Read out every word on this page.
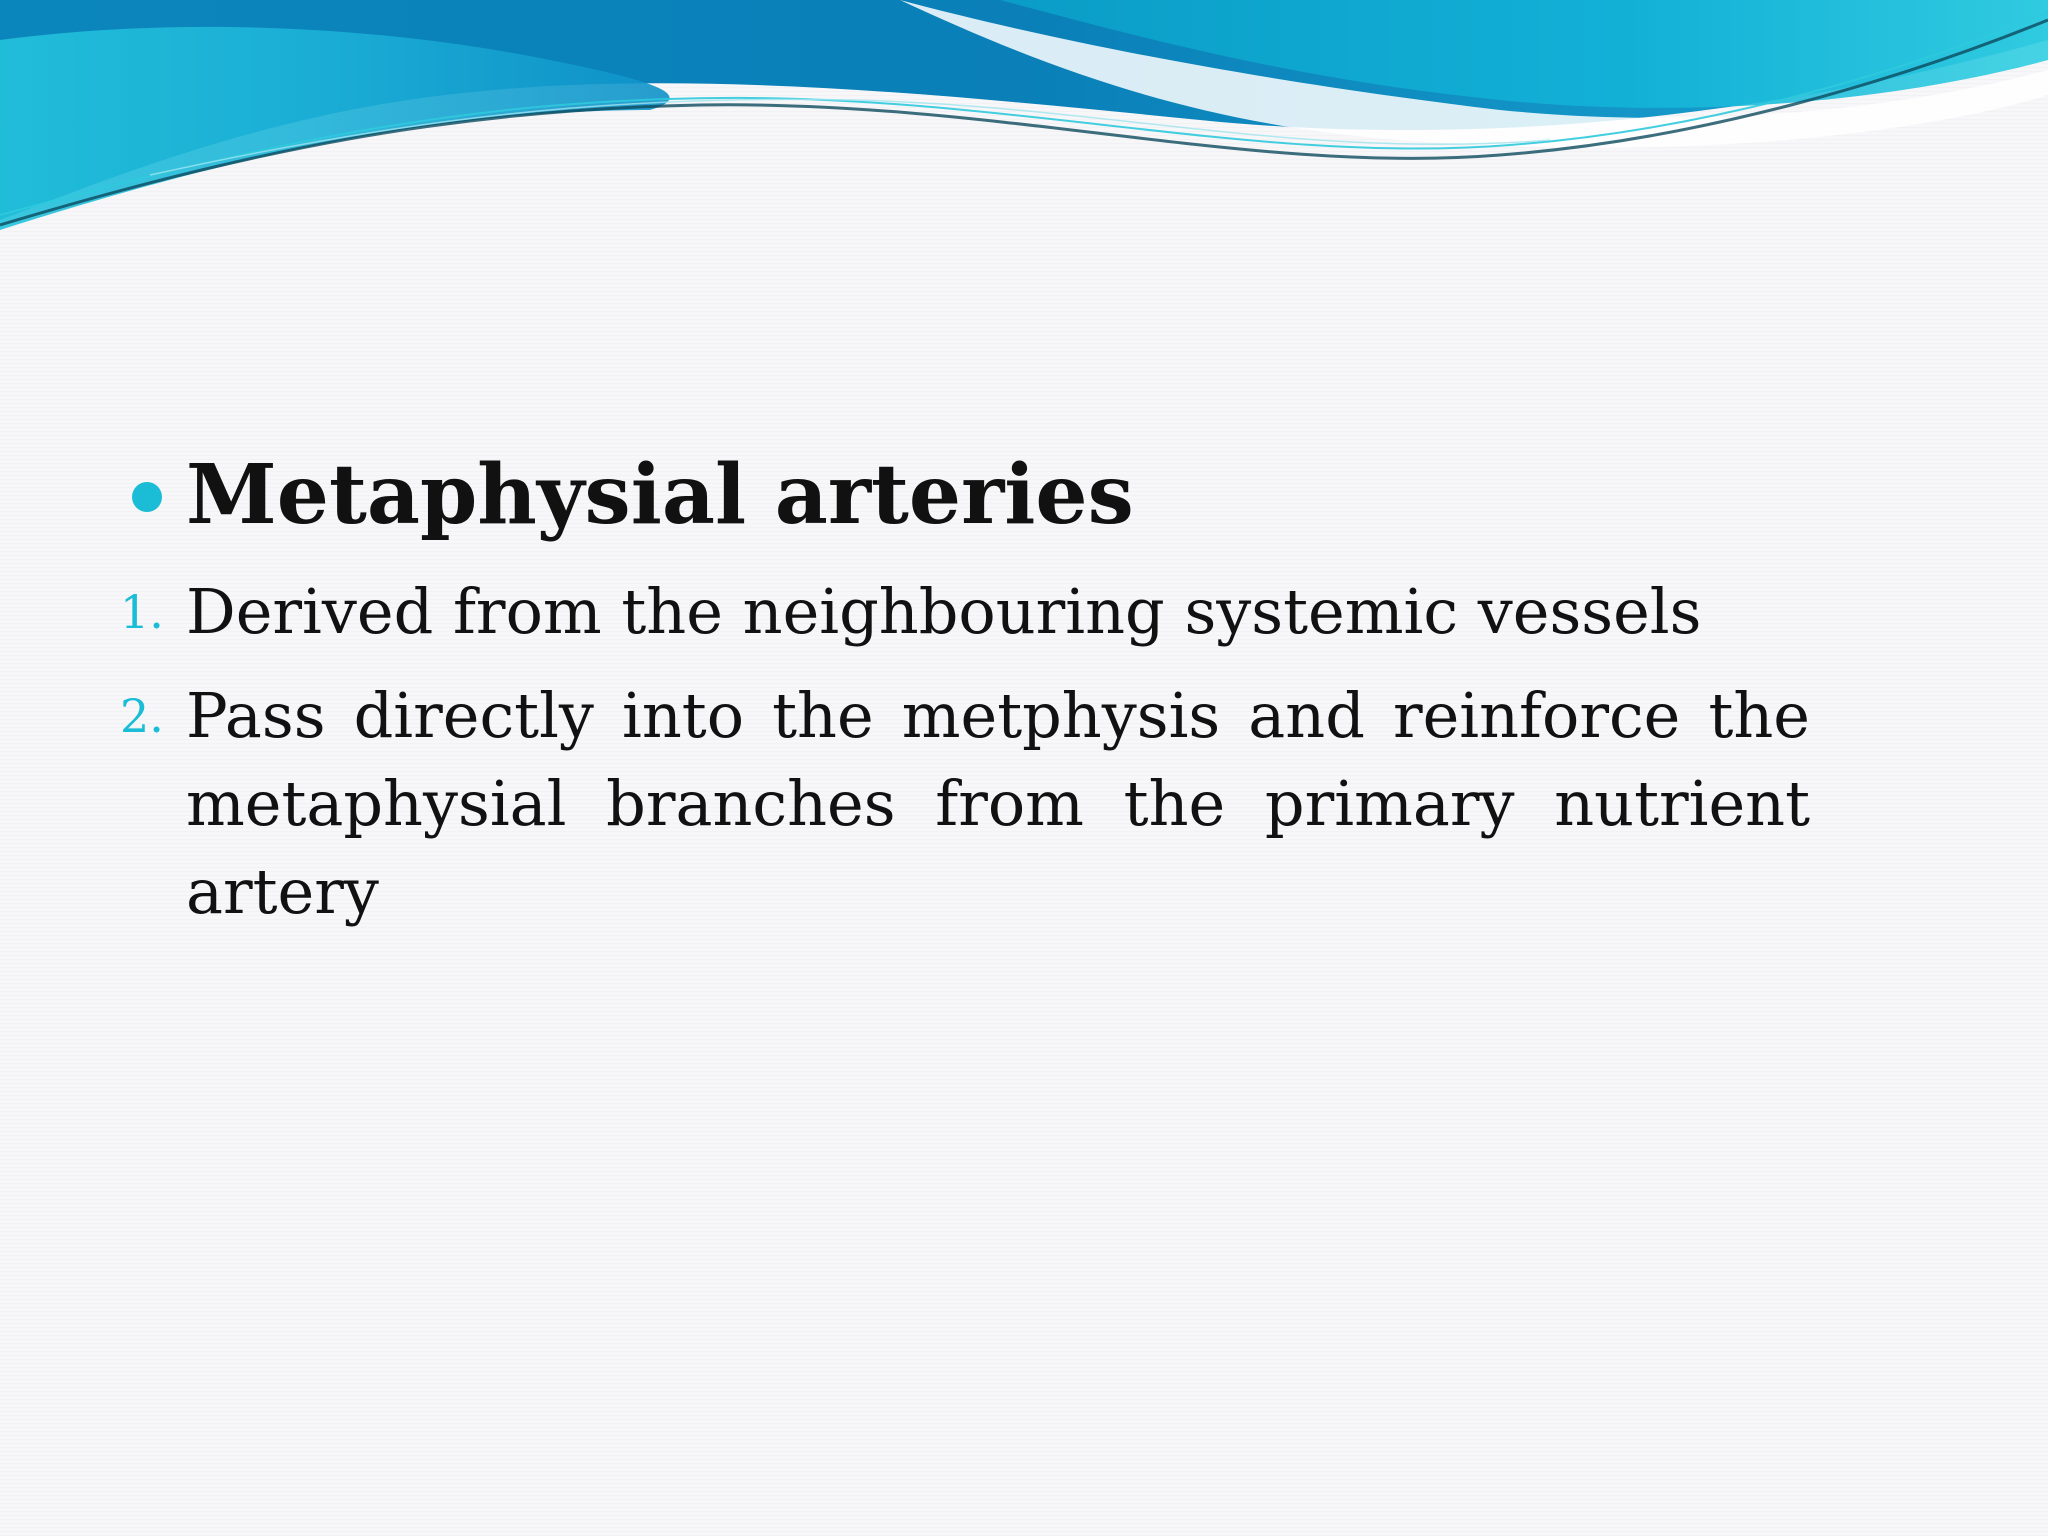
Metaphysial arteries
1. Derived from the neighbouring systemic vessels
2. Pass directly into the metphysis and reinforce the metaphysial branches from the primary nutrient artery
